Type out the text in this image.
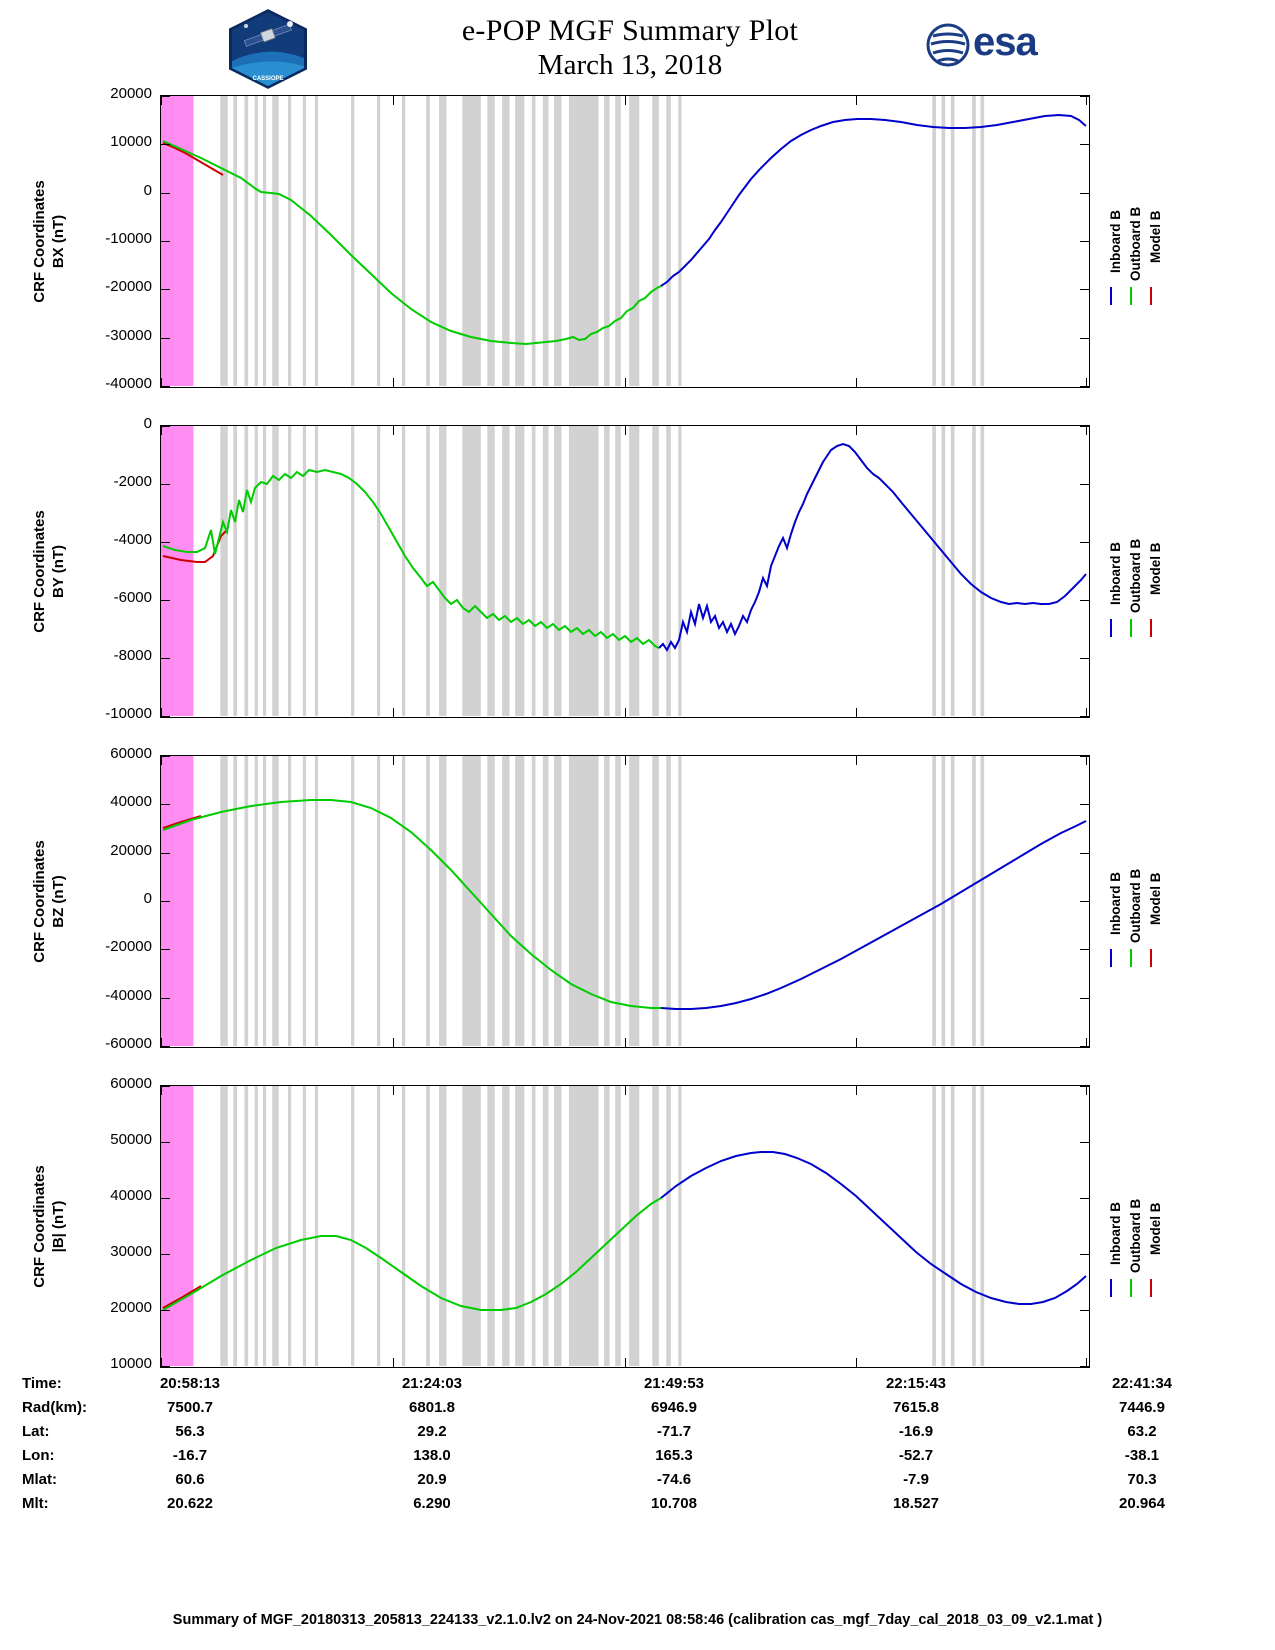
CASSIOPE
e-POP MGF Summary Plot
March 13, 2018
esa
CRF Coordinates BX (nT)
20000
10000
0
-10000
-20000
-30000
-40000
Inboard B Outboard B Model B
CRF Coordinates BY (nT)
0
-2000
-4000
-6000
-8000
-10000
Inboard B Outboard B Model B
CRF Coordinates BZ (nT)
60000
40000
20000
0
-20000
-40000
-60000
Inboard B Outboard B Model B
CRF Coordinates |B| (nT)
60000
50000
40000
30000
20000
10000
Inboard B Outboard B Model B
Time:	20:58:13	21:24:03	21:49:53	22:15:43	22:41:34
Rad(km):	7500.7	6801.8	6946.9	7615.8	7446.9
Lat:	56.3	29.2	-71.7	-16.9	63.2
Lon:	-16.7	138.0	165.3	-52.7	-38.1
Mlat:	60.6	20.9	-74.6	-7.9	70.3
Mlt:	20.622	6.290	10.708	18.527	20.964
Summary of MGF_20180313_205813_224133_v2.1.0.lv2 on 24-Nov-2021 08:58:46 (calibration cas_mgf_7day_cal_2018_03_09_v2.1.mat )
